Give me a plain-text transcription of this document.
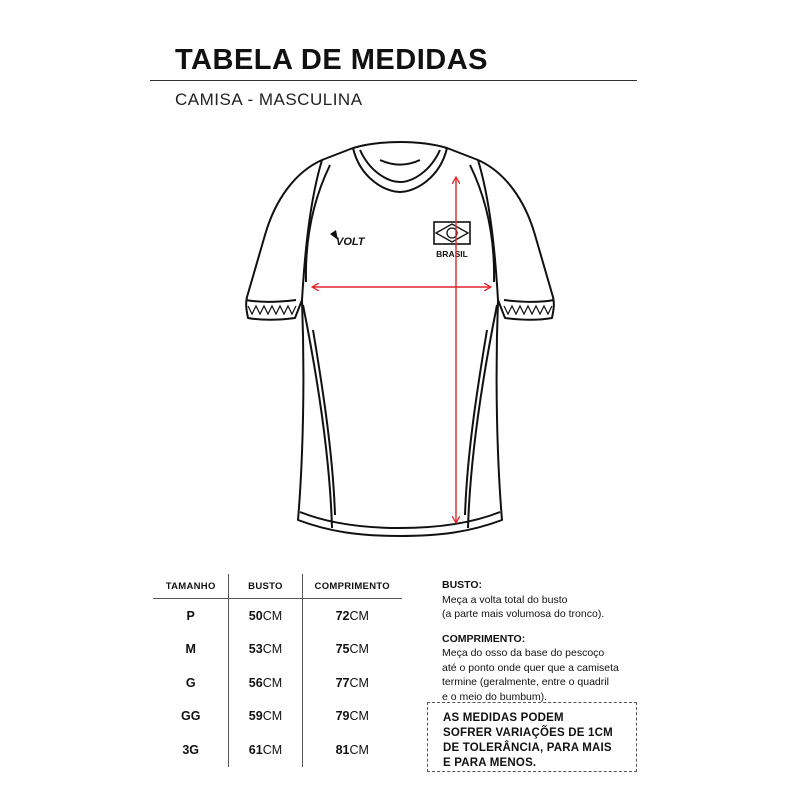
TABELA DE MEDIDAS
CAMISA - MASCULINA
VOLT
BRASIL
TAMANHO	BUSTO	COMPRIMENTO
P	50CM	72CM
M	53CM	75CM
G	56CM	77CM
GG	59CM	79CM
3G	61CM	81CM
BUSTO:
Meça a volta total do busto
(a parte mais volumosa do tronco).
COMPRIMENTO:
Meça do osso da base do pescoço
até o ponto onde quer que a camiseta
termine (geralmente, entre o quadril
e o meio do bumbum).
AS MEDIDAS PODEM
SOFRER VARIAÇÕES DE 1CM
DE TOLERÂNCIA, PARA MAIS
E PARA MENOS.
